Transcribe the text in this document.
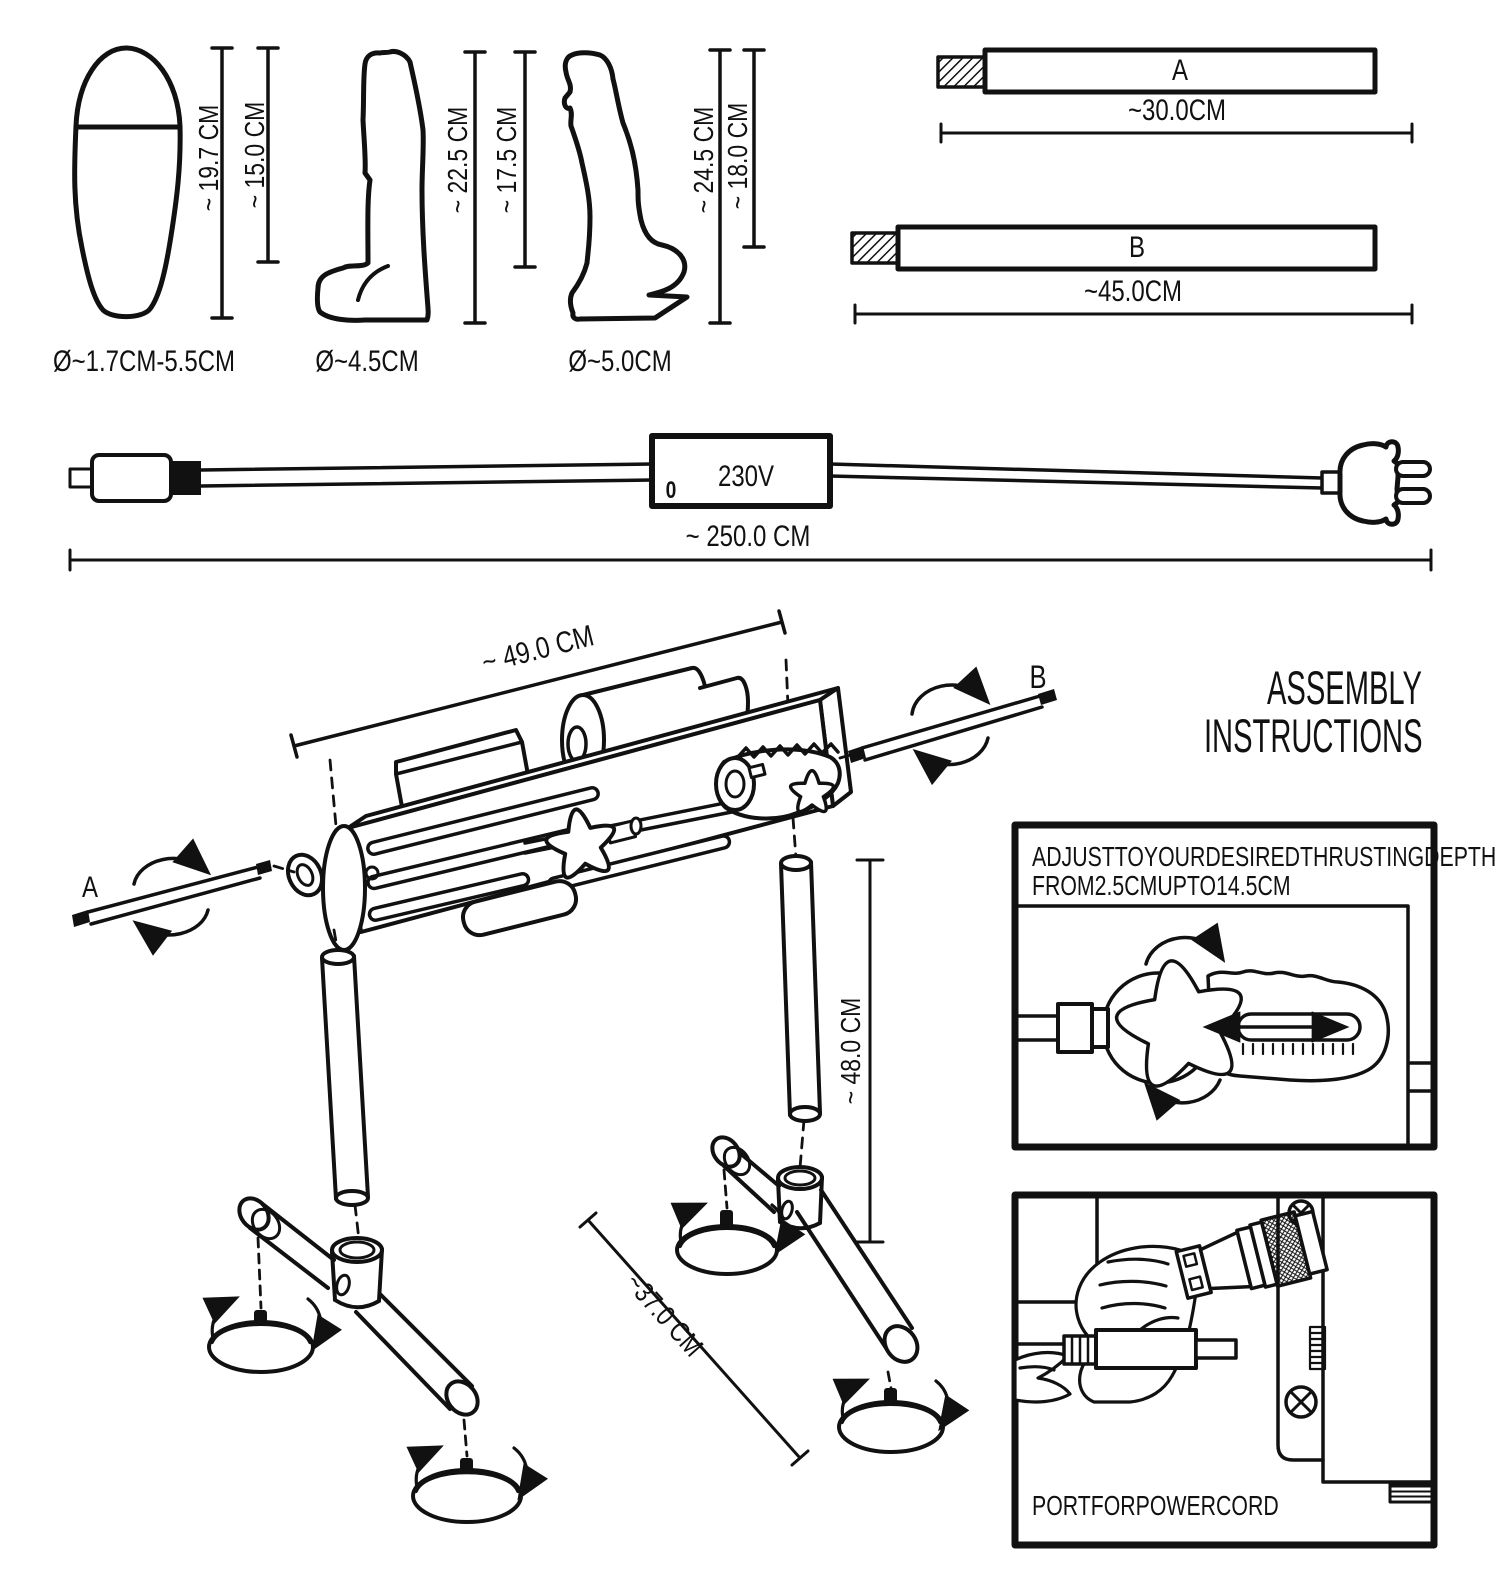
~ 19.7 CM ~ 15.0 CM	~ 22.5 CM ~ 17.5 CM	~ 24.5 CM ~ 18.0 CM
Ø~1.7CM-5.5CM	Ø~4.5CM	Ø~5.0CM
A
~30.0CM
B
~45.0CM
230V
0
~ 250.0 CM
~ 49.0 CM
A
B
~ 48.0 CM
~37.0 CM
ASSEMBLY
INSTRUCTIONS
ADJUSTTOYOURDESIREDTHRUSTINGDEPTH
FROM2.5CMUPTO14.5CM
PORTFORPOWERCORD
